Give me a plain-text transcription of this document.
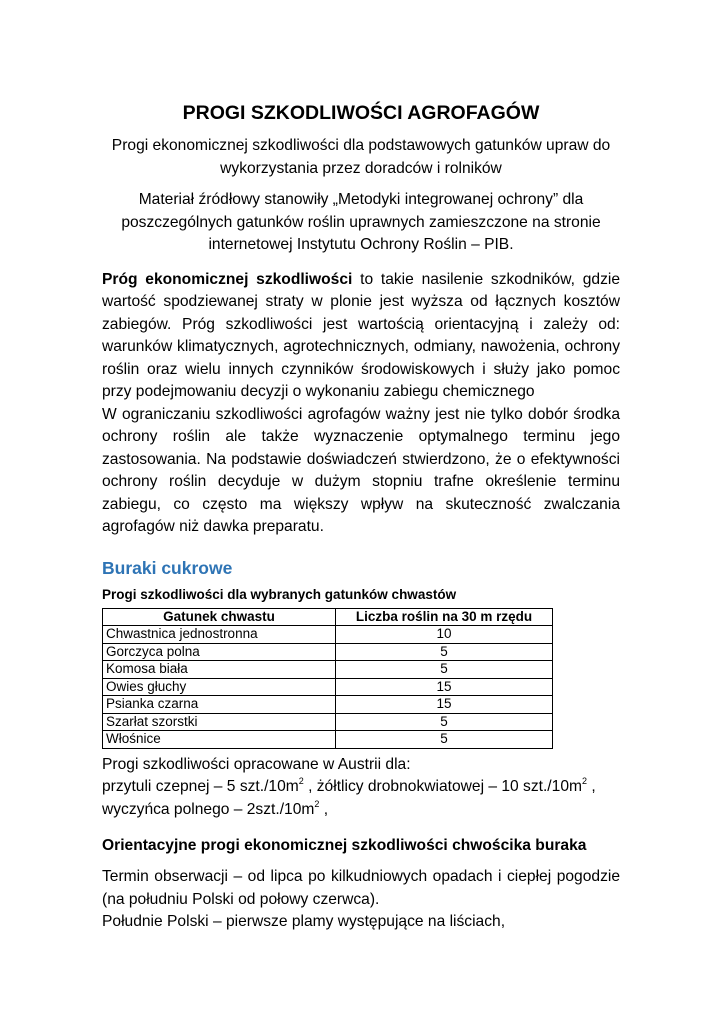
PROGI SZKODLIWOŚCI AGROFAGÓW

Progi ekonomicznej szkodliwości dla podstawowych gatunków upraw do wykorzystania przez doradców i rolników

Materiał źródłowy stanowiły „Metodyki integrowanej ochrony” dla poszczególnych gatunków roślin uprawnych zamieszczone na stronie internetowej Instytutu Ochrony Roślin – PIB.

Próg ekonomicznej szkodliwości to takie nasilenie szkodników, gdzie wartość spodziewanej straty w plonie jest wyższa od łącznych kosztów zabiegów. Próg szkodliwości jest wartością orientacyjną i zależy od: warunków klimatycznych, agrotechnicznych, odmiany, nawożenia, ochrony roślin oraz wielu innych czynników środowiskowych i służy jako pomoc przy podejmowaniu decyzji o wykonaniu zabiegu chemicznego

W ograniczaniu szkodliwości agrofagów ważny jest nie tylko dobór środka ochrony roślin ale także wyznaczenie optymalnego terminu jego zastosowania. Na podstawie doświadczeń stwierdzono, że o efektywności ochrony roślin decyduje w dużym stopniu trafne określenie terminu zabiegu, co często ma większy wpływ na skuteczność zwalczania agrofagów niż dawka preparatu.

Buraki cukrowe
Progi szkodliwości dla wybranych gatunków chwastów
Gatunek chwastu	Liczba roślin na 30 m rzędu
Chwastnica jednostronna	10
Gorczyca polna	5
Komosa biała	5
Owies głuchy	15
Psianka czarna	15
Szarłat szorstki	5
Włośnice	5
Progi szkodliwości opracowane w Austrii dla:
przytuli czepnej – 5 $szt./10m^2$ , żółtlicy drobnokwiatowej – 10 $szt./10m^2$ ,
wyczyńca polnego – $2szt./10m^2$ ,
Orientacyjne progi ekonomicznej szkodliwości chwościka buraka

Termin obserwacji – od lipca po kilkudniowych opadach i ciepłej pogodzie (na południu Polski od połowy czerwca).

Południe Polski – pierwsze plamy występujące na liściach,
